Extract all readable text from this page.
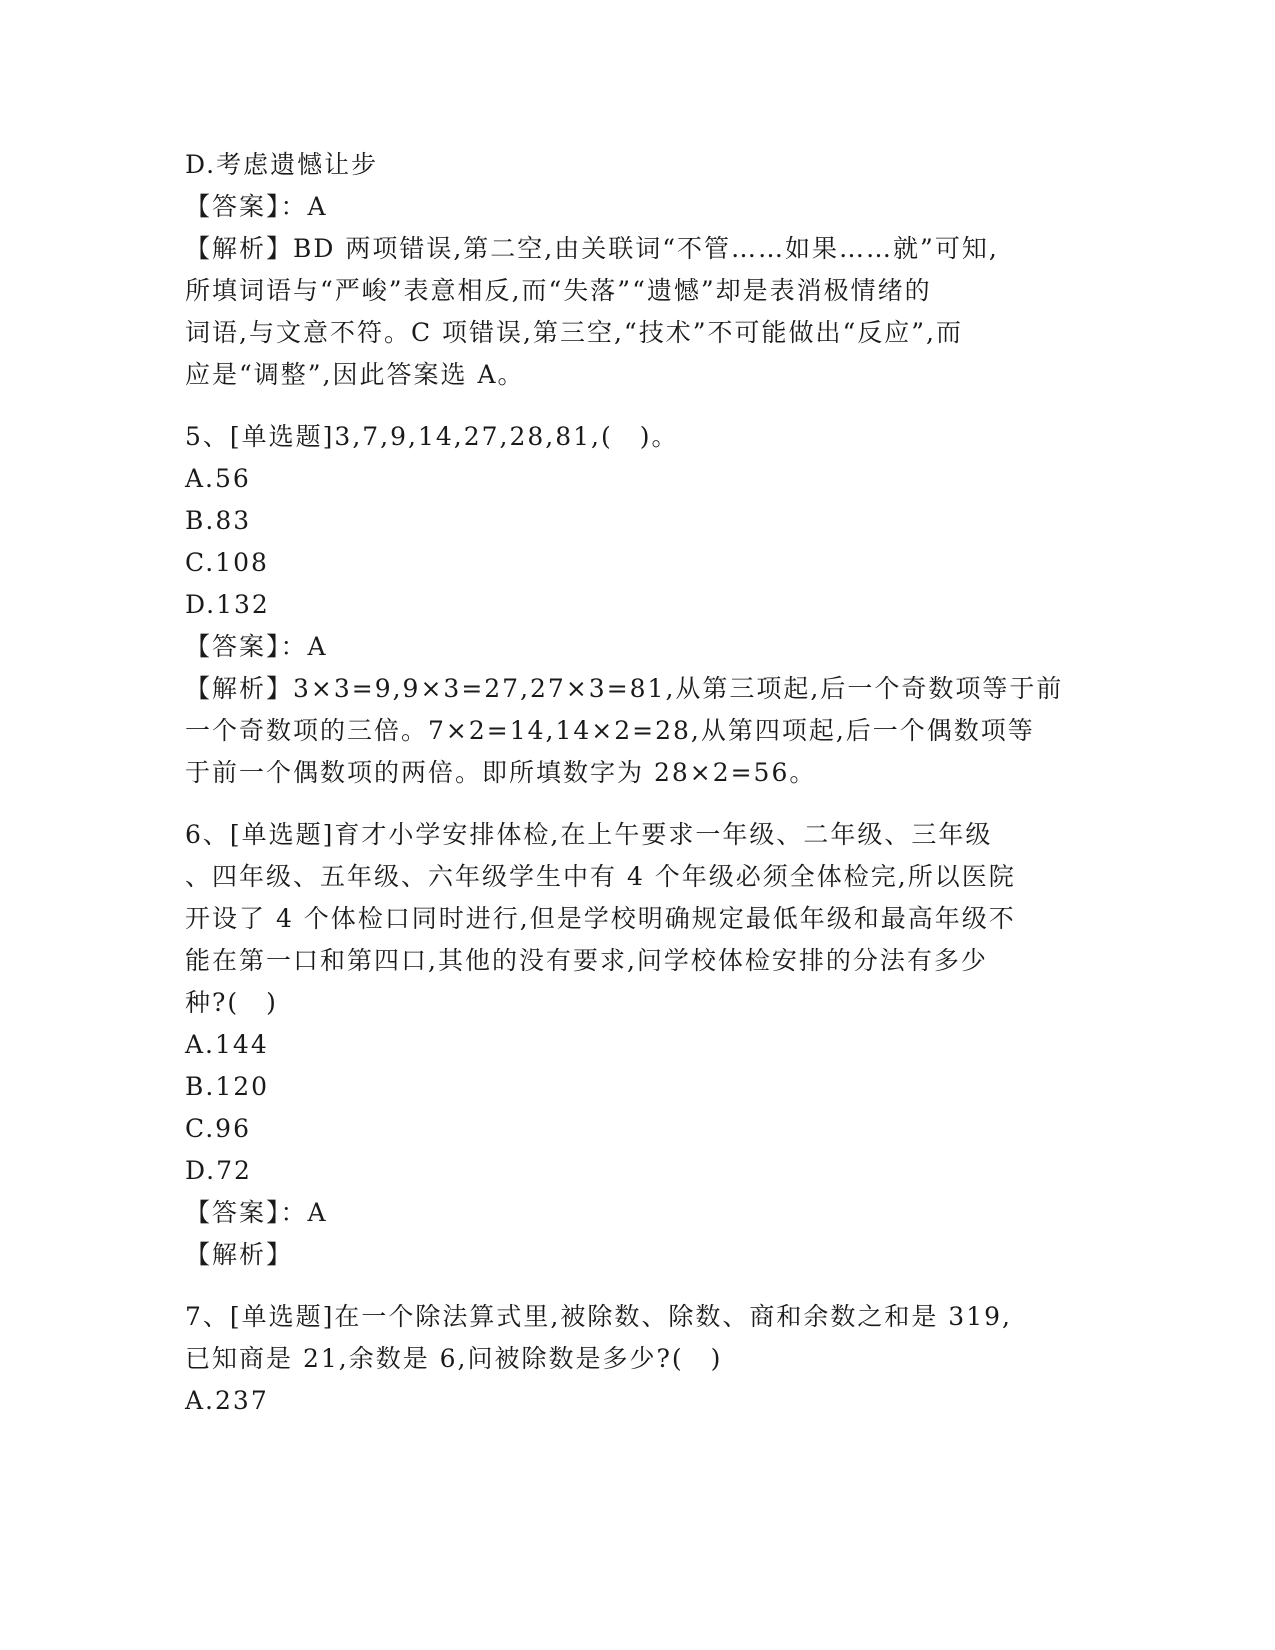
D.考虑遗憾让步
【答案】：A
【解析】BD 两项错误,第二空,由关联词“不管……如果……就”可知,
所填词语与“严峻”表意相反,而“失落”“遗憾”却是表消极情绪的
词语,与文意不符。C 项错误,第三空,“技术”不可能做出“反应”,而
应是“调整”,因此答案选 A。
5、[单选题]3,7,9,14,27,28,81,(　)。
A.56
B.83
C.108
D.132
【答案】：A
【解析】3×3=9,9×3=27,27×3=81,从第三项起,后一个奇数项等于前
一个奇数项的三倍。7×2=14,14×2=28,从第四项起,后一个偶数项等
于前一个偶数项的两倍。即所填数字为 28×2=56。
6、[单选题]育才小学安排体检,在上午要求一年级、二年级、三年级
、四年级、五年级、六年级学生中有 4 个年级必须全体检完,所以医院
开设了 4 个体检口同时进行,但是学校明确规定最低年级和最高年级不
能在第一口和第四口,其他的没有要求,问学校体检安排的分法有多少
种?(　)
A.144
B.120
C.96
D.72
【答案】：A
【解析】
7、[单选题]在一个除法算式里,被除数、除数、商和余数之和是 319,
已知商是 21,余数是 6,问被除数是多少?(　)
A.237
